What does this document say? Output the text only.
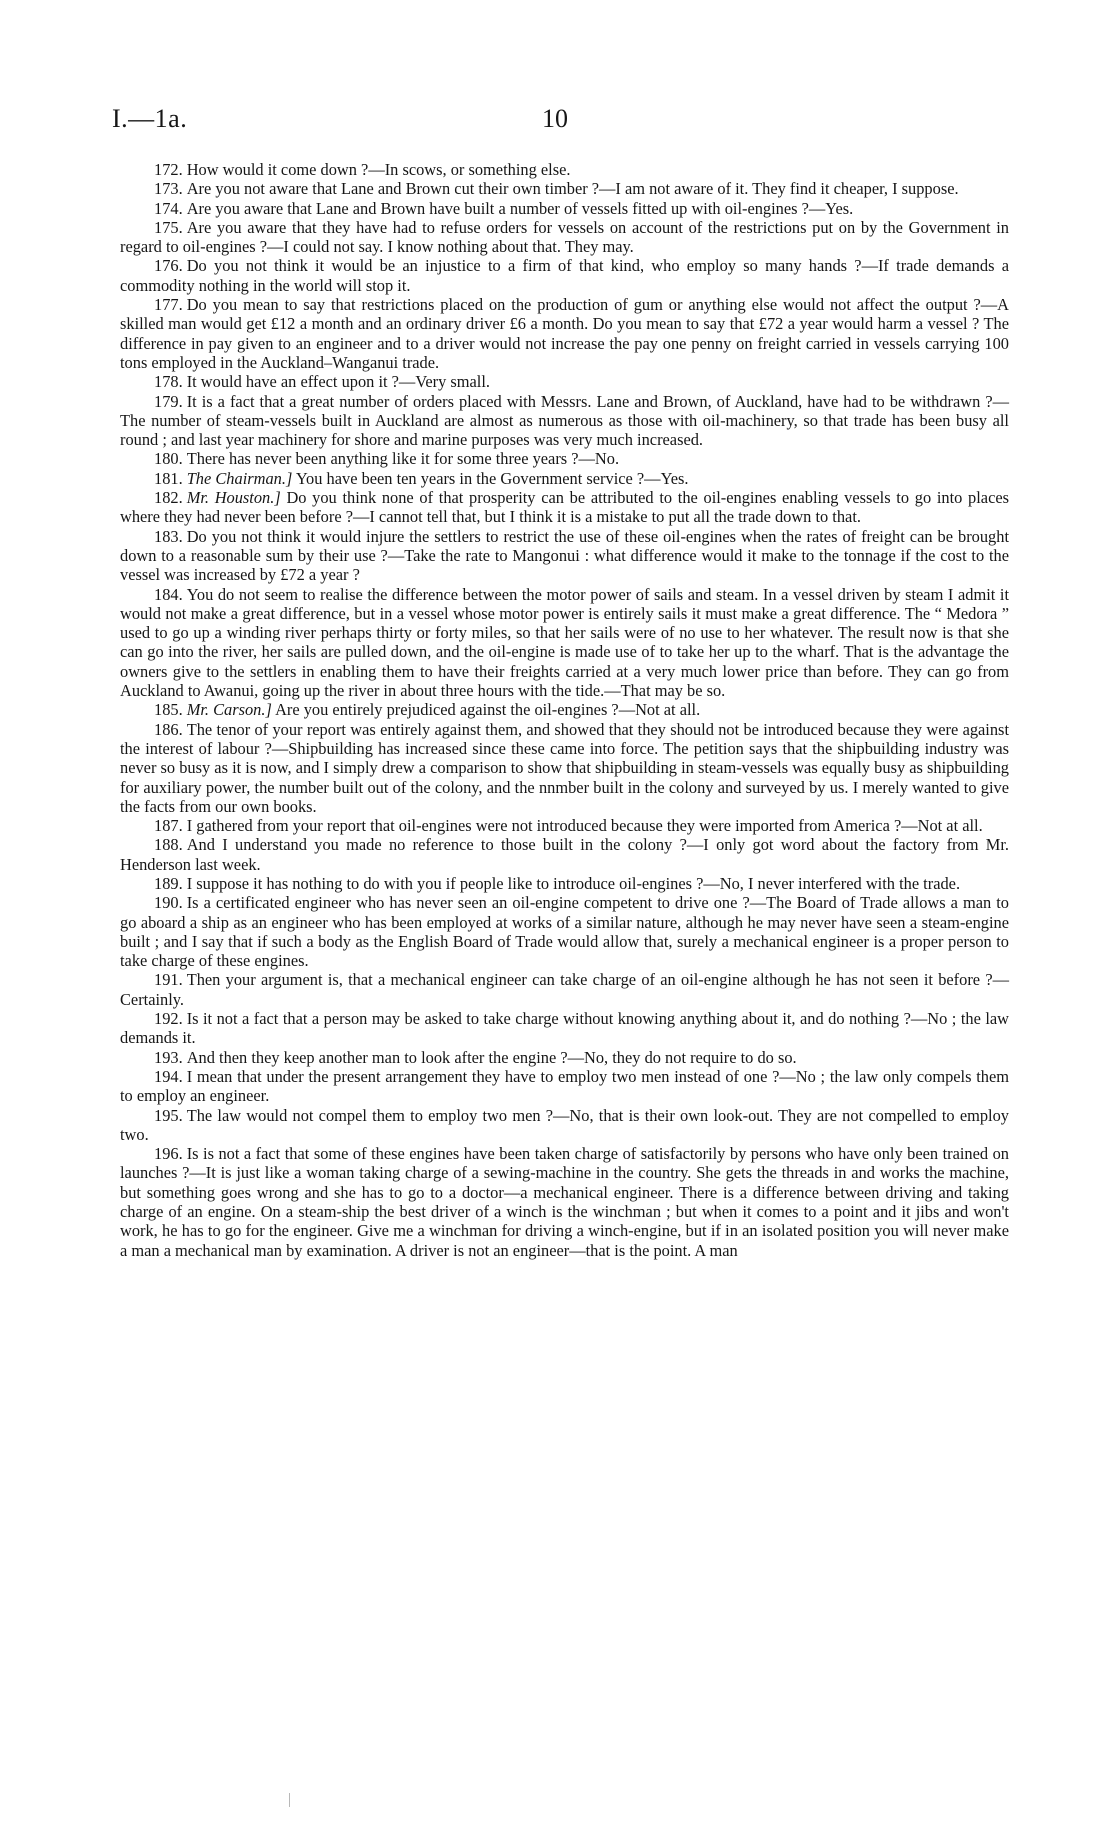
I.—1a.	10

172. How would it come down ?—In scows, or something else.

173. Are you not aware that Lane and Brown cut their own timber ?—I am not aware of it. They find it cheaper, I suppose.

174. Are you aware that Lane and Brown have built a number of vessels fitted up with oil-engines ?—Yes.

175. Are you aware that they have had to refuse orders for vessels on account of the restrictions put on by the Government in regard to oil-engines ?—I could not say. I know nothing about that. They may.

176. Do you not think it would be an injustice to a firm of that kind, who employ so many hands ?—If trade demands a commodity nothing in the world will stop it.

177. Do you mean to say that restrictions placed on the production of gum or anything else would not affect the output ?—A skilled man would get £12 a month and an ordinary driver £6 a month. Do you mean to say that £72 a year would harm a vessel ? The difference in pay given to an engineer and to a driver would not increase the pay one penny on freight carried in vessels carrying 100 tons employed in the Auckland–Wanganui trade.

178. It would have an effect upon it ?—Very small.

179. It is a fact that a great number of orders placed with Messrs. Lane and Brown, of Auckland, have had to be withdrawn ?—The number of steam-vessels built in Auckland are almost as numerous as those with oil-machinery, so that trade has been busy all round ; and last year machinery for shore and marine purposes was very much increased.

180. There has never been anything like it for some three years ?—No.

181. The Chairman.] You have been ten years in the Government service ?—Yes.

182. Mr. Houston.] Do you think none of that prosperity can be attributed to the oil-engines enabling vessels to go into places where they had never been before ?—I cannot tell that, but I think it is a mistake to put all the trade down to that.

183. Do you not think it would injure the settlers to restrict the use of these oil-engines when the rates of freight can be brought down to a reasonable sum by their use ?—Take the rate to Mangonui : what difference would it make to the tonnage if the cost to the vessel was increased by £72 a year ?

184. You do not seem to realise the difference between the motor power of sails and steam. In a vessel driven by steam I admit it would not make a great difference, but in a vessel whose motor power is entirely sails it must make a great difference. The “ Medora ” used to go up a winding river perhaps thirty or forty miles, so that her sails were of no use to her whatever. The result now is that she can go into the river, her sails are pulled down, and the oil-engine is made use of to take her up to the wharf. That is the advantage the owners give to the settlers in enabling them to have their freights carried at a very much lower price than before. They can go from Auckland to Awanui, going up the river in about three hours with the tide.—That may be so.

185. Mr. Carson.] Are you entirely prejudiced against the oil-engines ?—Not at all.

186. The tenor of your report was entirely against them, and showed that they should not be introduced because they were against the interest of labour ?—Shipbuilding has increased since these came into force. The petition says that the shipbuilding industry was never so busy as it is now, and I simply drew a comparison to show that shipbuilding in steam-vessels was equally busy as shipbuilding for auxiliary power, the number built out of the colony, and the nnmber built in the colony and surveyed by us. I merely wanted to give the facts from our own books.

187. I gathered from your report that oil-engines were not introduced because they were imported from America ?—Not at all.

188. And I understand you made no reference to those built in the colony ?—I only got word about the factory from Mr. Henderson last week.

189. I suppose it has nothing to do with you if people like to introduce oil-engines ?—No, I never interfered with the trade.

190. Is a certificated engineer who has never seen an oil-engine competent to drive one ?—The Board of Trade allows a man to go aboard a ship as an engineer who has been employed at works of a similar nature, although he may never have seen a steam-engine built ; and I say that if such a body as the English Board of Trade would allow that, surely a mechanical engineer is a proper person to take charge of these engines.

191. Then your argument is, that a mechanical engineer can take charge of an oil-engine although he has not seen it before ?—Certainly.

192. Is it not a fact that a person may be asked to take charge without knowing anything about it, and do nothing ?—No ; the law demands it.

193. And then they keep another man to look after the engine ?—No, they do not require to do so.

194. I mean that under the present arrangement they have to employ two men instead of one ?—No ; the law only compels them to employ an engineer.

195. The law would not compel them to employ two men ?—No, that is their own look-out. They are not compelled to employ two.

196. Is is not a fact that some of these engines have been taken charge of satisfactorily by persons who have only been trained on launches ?—It is just like a woman taking charge of a sewing-machine in the country. She gets the threads in and works the machine, but something goes wrong and she has to go to a doctor—a mechanical engineer. There is a difference between driving and taking charge of an engine. On a steam-ship the best driver of a winch is the winchman ; but when it comes to a point and it jibs and won't work, he has to go for the engineer. Give me a winchman for driving a winch-engine, but if in an isolated position you will never make a man a mechanical man by examination. A driver is not an engineer—that is the point. A man
